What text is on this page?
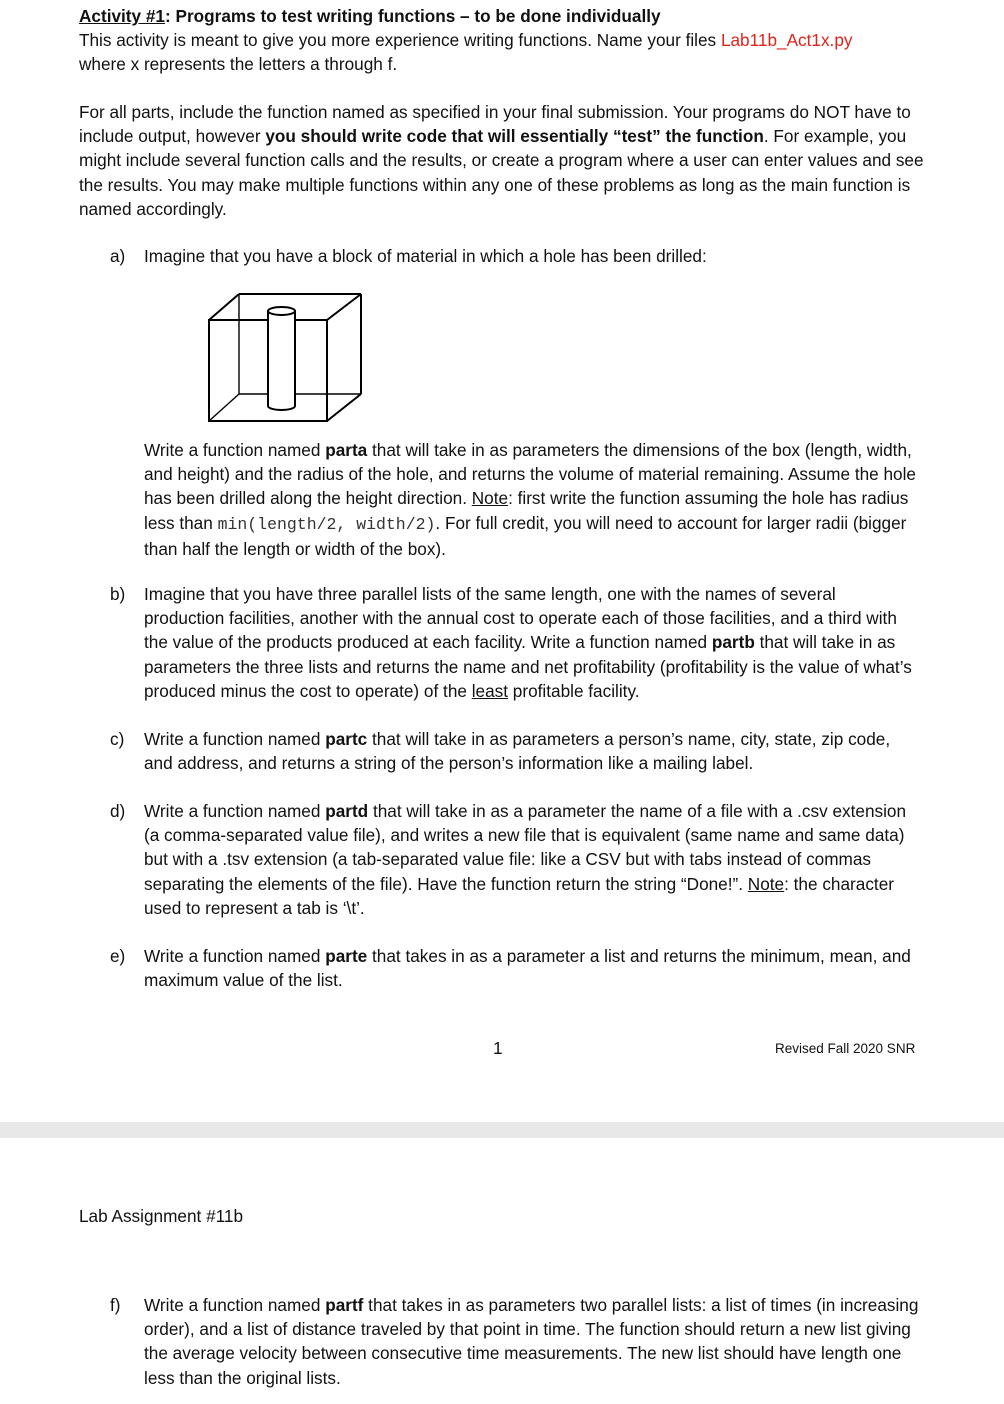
Activity #1: Programs to test writing functions – to be done individually
This activity is meant to give you more experience writing functions. Name your files Lab11b_Act1x.py
where x represents the letters a through f.
For all parts, include the function named as specified in your final submission. Your programs do NOT have to include output, however you should write code that will essentially “test” the function. For example, you might include several function calls and the results, or create a program where a user can enter values and see the results. You may make multiple functions within any one of these problems as long as the main function is named accordingly.
a)	Imagine that you have a block of material in which a hole has been drilled:
Write a function named parta that will take in as parameters the dimensions of the box (length, width, and height) and the radius of the hole, and returns the volume of material remaining. Assume the hole has been drilled along the height direction. Note: first write the function assuming the hole has radius less than min(length/2, width/2). For full credit, you will need to account for larger radii (bigger than half the length or width of the box).
b)	Imagine that you have three parallel lists of the same length, one with the names of several production facilities, another with the annual cost to operate each of those facilities, and a third with the value of the products produced at each facility. Write a function named partb that will take in as parameters the three lists and returns the name and net profitability (profitability is the value of what’s produced minus the cost to operate) of the least profitable facility.
c)	Write a function named partc that will take in as parameters a person’s name, city, state, zip code, and address, and returns a string of the person’s information like a mailing label.
d)	Write a function named partd that will take in as a parameter the name of a file with a .csv extension (a comma-separated value file), and writes a new file that is equivalent (same name and same data) but with a .tsv extension (a tab-separated value file: like a CSV but with tabs instead of commas separating the elements of the file). Have the function return the string “Done!”. Note: the character used to represent a tab is ‘\t’.
e)	Write a function named parte that takes in as a parameter a list and returns the minimum, mean, and maximum value of the list.
1	Revised Fall 2020 SNR
Lab Assignment #11b
f)	Write a function named partf that takes in as parameters two parallel lists: a list of times (in increasing order), and a list of distance traveled by that point in time. The function should return a new list giving the average velocity between consecutive time measurements. The new list should have length one less than the original lists.
